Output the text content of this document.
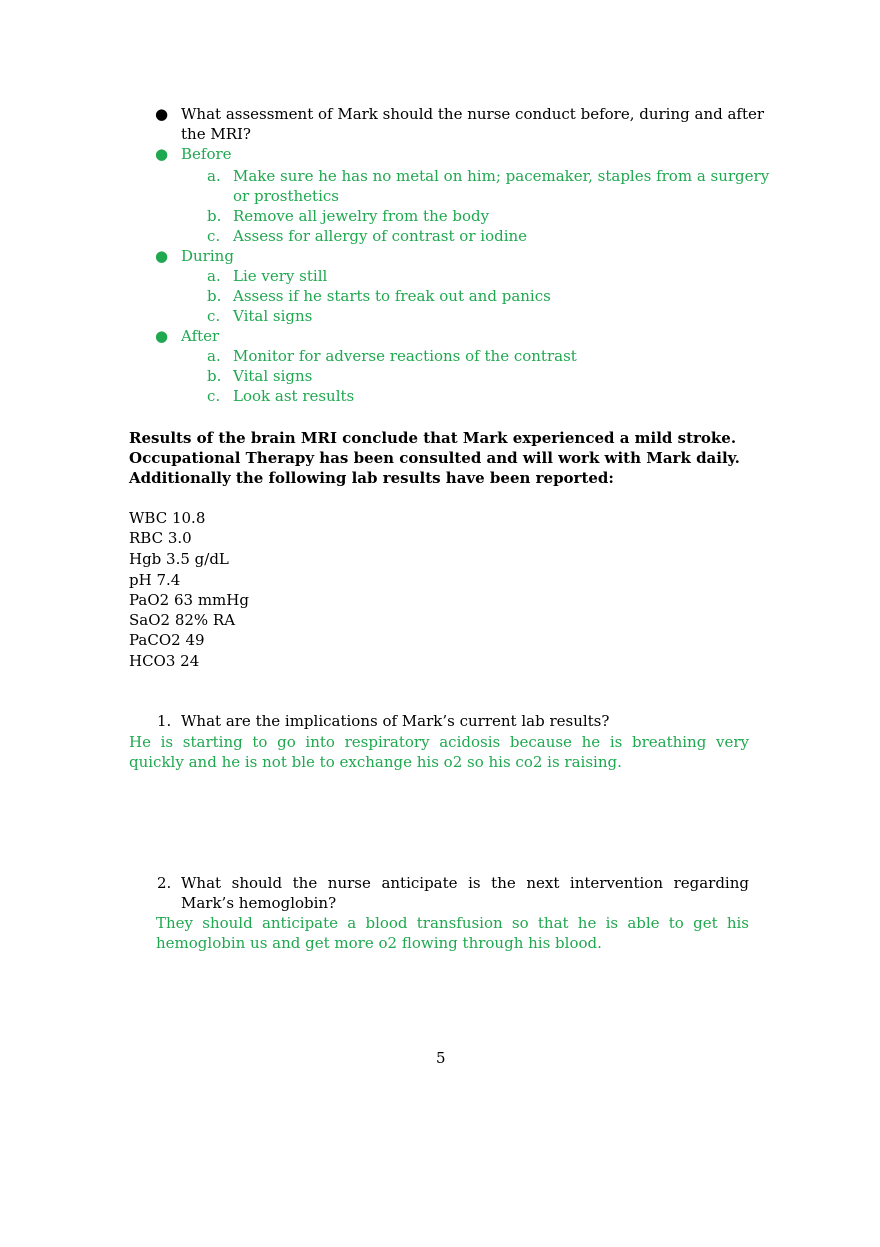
● What assessment of Mark should the nurse conduct before, during and after
the MRI?
● Before
a. Make sure he has no metal on him; pacemaker, staples from a surgery
or prosthetics
b. Remove all jewelry from the body
c. Assess for allergy of contrast or iodine
● During
a. Lie very still
b. Assess if he starts to freak out and panics
c. Vital signs
● After
a. Monitor for adverse reactions of the contrast
b. Vital signs
c. Look ast results
Results of the brain MRI conclude that Mark experienced a mild stroke.
Occupational Therapy has been consulted and will work with Mark daily.
Additionally the following lab results have been reported:
WBC 10.8
RBC 3.0
Hgb 3.5 g/dL
pH 7.4
PaO2 63 mmHg
SaO2 82% RA
PaCO2 49
HCO3 24
1. What are the implications of Mark’s current lab results?
He is starting to go into respiratory acidosis because he is breathing very quickly and he is not ble to exchange his o2 so his co2 is raising.
2. What should the nurse anticipate is the next intervention regarding Mark’s hemoglobin?
They should anticipate a blood transfusion so that he is able to get his hemoglobin us and get more o2 flowing through his blood.
5
